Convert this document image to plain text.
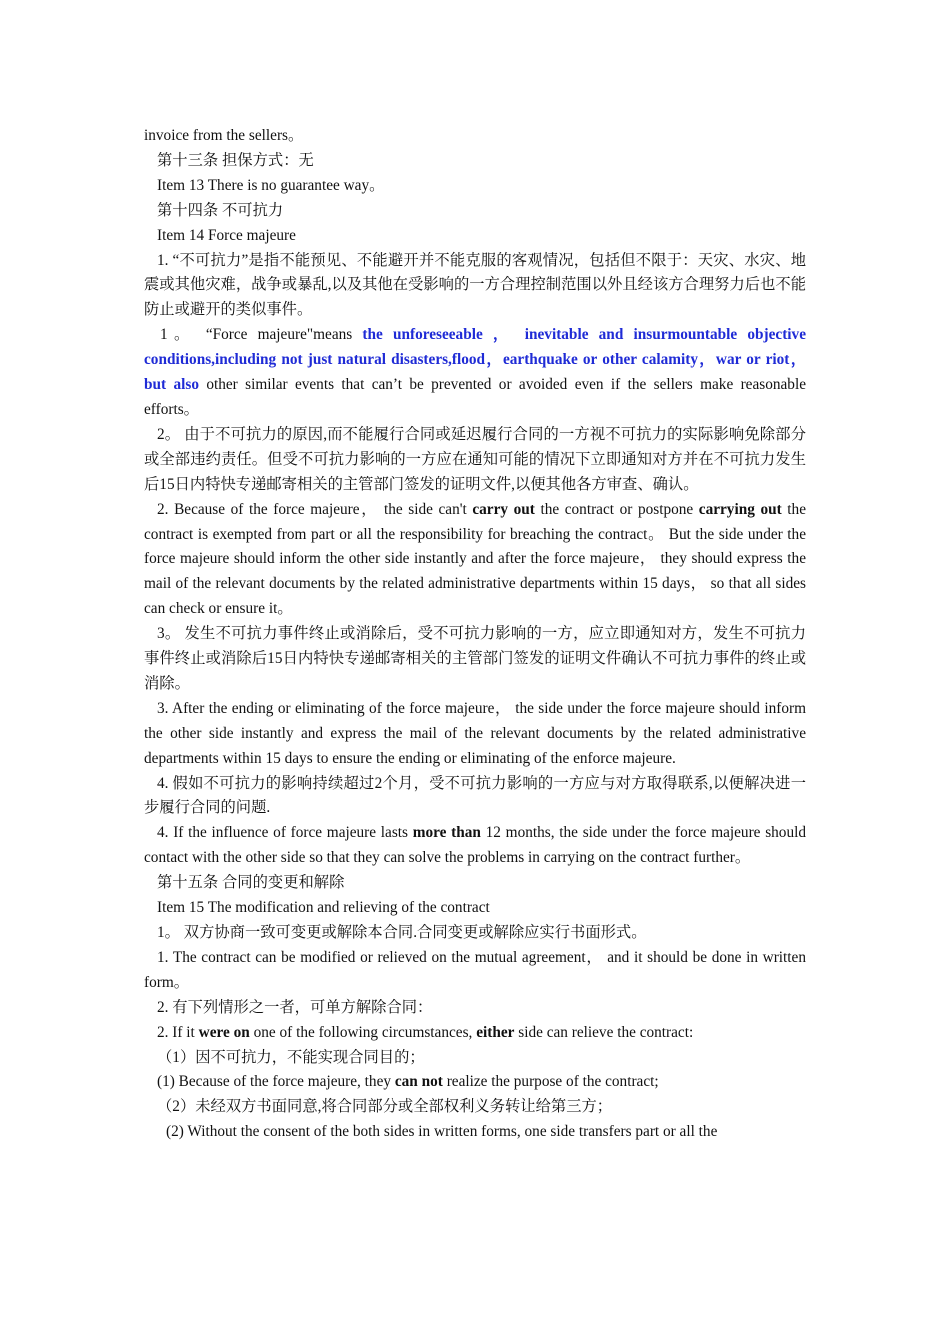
invoice from the sellers。

第十三条 担保方式：无

Item 13 There is no guarantee way。

第十四条 不可抗力

Item 14 Force majeure

1. “不可抗力”是指不能预见、不能避开并不能克服的客观情况，包括但不限于：天灾、水灾、地震或其他灾难，战争或暴乱,以及其他在受影响的一方合理控制范围以外且经该方合理努力后也不能防止或避开的类似事件。

1。 “Force majeure"means the unforeseeable ， inevitable and insurmountable objective conditions,including not just natural disasters,flood，earthquake or other calamity，war or riot， but also other similar events that can’t be prevented or avoided even if the sellers make reasonable efforts。

2。 由于不可抗力的原因,而不能履行合同或延迟履行合同的一方视不可抗力的实际影响免除部分或全部违约责任。但受不可抗力影响的一方应在通知可能的情况下立即通知对方并在不可抗力发生后15日内特快专递邮寄相关的主管部门签发的证明文件,以便其他各方审查、确认。

2. Because of the force majeure， the side can't carry out the contract or postpone carrying out the contract is exempted from part or all the responsibility for breaching the contract。 But the side under the force majeure should inform the other side instantly and after the force majeure， they should express the mail of the relevant documents by the related administrative departments within 15 days， so that all sides can check or ensure it。

3。 发生不可抗力事件终止或消除后，受不可抗力影响的一方，应立即通知对方，发生不可抗力事件终止或消除后15日内特快专递邮寄相关的主管部门签发的证明文件确认不可抗力事件的终止或消除。

3. After the ending or eliminating of the force majeure， the side under the force majeure should inform the other side instantly and express the mail of the relevant documents by the related administrative departments within 15 days to ensure the ending or eliminating of the enforce majeure.

4. 假如不可抗力的影响持续超过2个月，受不可抗力影响的一方应与对方取得联系,以便解决进一步履行合同的问题.

4. If the influence of force majeure lasts more than 12 months, the side under the force majeure should contact with the other side so that they can solve the problems in carrying on the contract further。

第十五条 合同的变更和解除

Item 15 The modification and relieving of the contract

1。 双方协商一致可变更或解除本合同.合同变更或解除应实行书面形式。

1. The contract can be modified or relieved on the mutual agreement， and it should be done in written form。

2. 有下列情形之一者，可单方解除合同：

2. If it were on one of the following circumstances, either side can relieve the contract:

（1）因不可抗力，不能实现合同目的；

(1) Because of the force majeure, they can not realize the purpose of the contract;

（2）未经双方书面同意,将合同部分或全部权利义务转让给第三方；

(2) Without the consent of the both sides in written forms, one side transfers part or all the
